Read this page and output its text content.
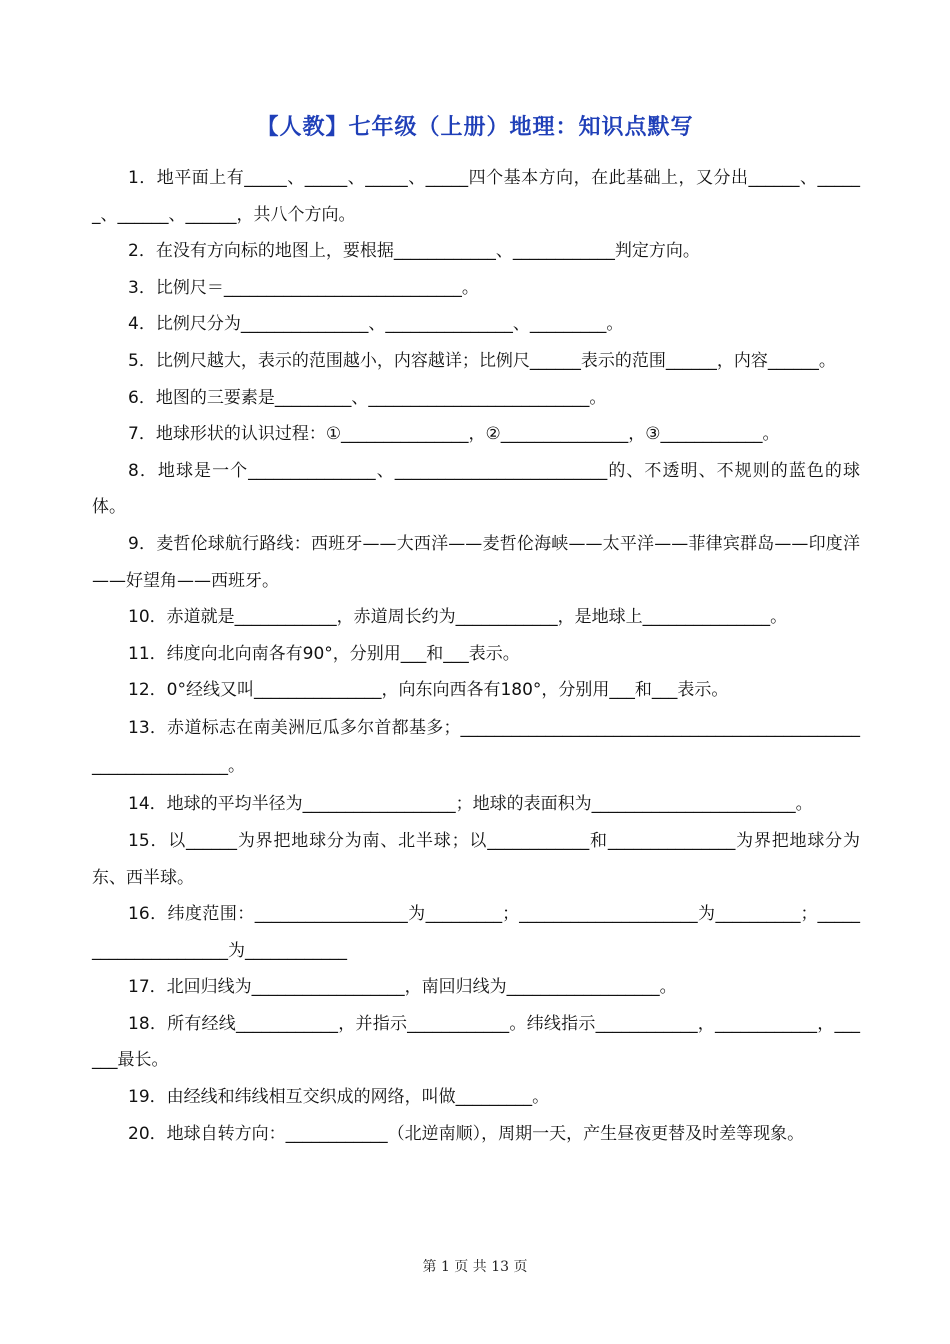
【人教】七年级（上册）地理：知识点默写

1．地平面上有_____、_____、_____、_____四个基本方向，在此基础上，又分出______、______、______、______，共八个方向。

2．在没有方向标的地图上，要根据____________、____________判定方向。

3．比例尺＝____________________________。

4．比例尺分为_______________、_______________、_________。

5．比例尺越大，表示的范围越小，内容越详；比例尺______表示的范围______，内容______。

6．地图的三要素是_________、__________________________。

7．地球形状的认识过程：①_______________，②_______________，③____________。

8．地球是一个_______________、_________________________的、不透明、不规则的蓝色的球体。

9．麦哲伦球航行路线：西班牙——大西洋——麦哲伦海峡——太平洋——菲律宾群岛——印度洋——好望角——西班牙。

10．赤道就是____________，赤道周长约为____________，是地球上_______________。

11．纬度向北向南各有90°，分别用___和___表示。

12．0°经线又叫_______________，向东向西各有180°，分别用___和___表示。

13．赤道标志在南美洲厄瓜多尔首都基多；_______________________________________________________________。

14．地球的平均半径为__________________；地球的表面积为________________________。

15．以______为界把地球分为南、北半球；以____________和_______________为界把地球分为东、西半球。

16．纬度范围：__________________为_________；_____________________为__________；_____________________为____________

17．北回归线为__________________，南回归线为__________________。

18．所有经线____________，并指示____________。纬线指示____________，____________，______最长。

19．由经线和纬线相互交织成的网络，叫做_________。

20．地球自转方向：____________（北逆南顺），周期一天，产生昼夜更替及时差等现象。

第 1 页 共 13 页
